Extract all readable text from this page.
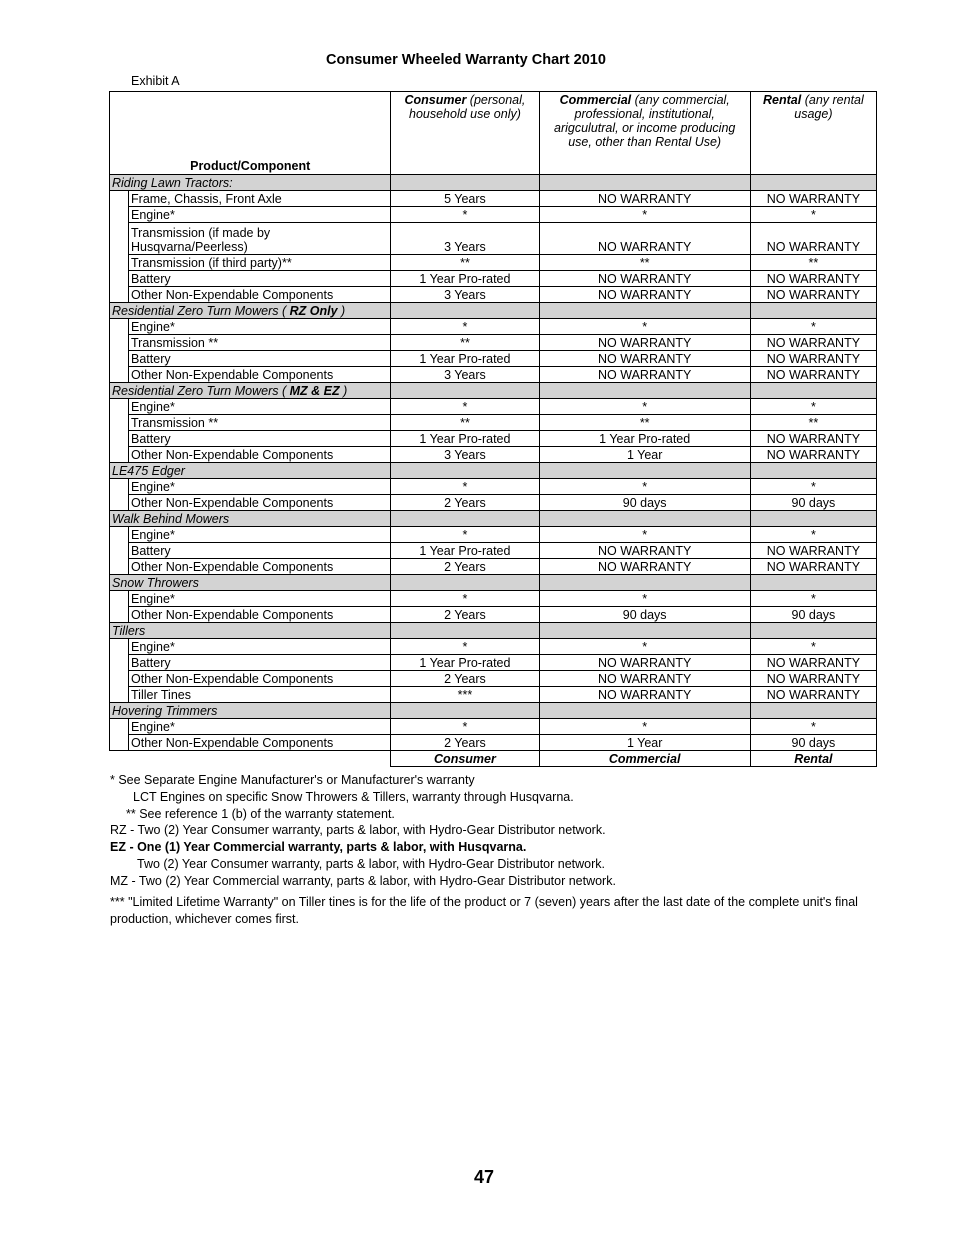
Consumer Wheeled Warranty Chart 2010
Exhibit A
Product/Component		Consumer (personal, household use only)	Commercial (any commercial, professional, institutional, arigculutral, or income producing use, other than Rental Use)	Rental (any rental usage)
Riding Lawn Tractors:				
	Frame, Chassis, Front Axle	5 Years	NO WARRANTY	NO WARRANTY
	Engine*	*	*	*

	Transmission (if made by Husqvarna/Peerless)	3 Years	NO WARRANTY	NO WARRANTY
	Transmission (if third party)**	**	**	**
	Battery	1 Year Pro-rated	NO WARRANTY	NO WARRANTY
	Other Non-Expendable Components	3 Years	NO WARRANTY	NO WARRANTY
Residential Zero Turn Mowers ( RZ Only )				
	Engine*	*	*	*
	Transmission **	**	NO WARRANTY	NO WARRANTY
	Battery	1 Year Pro-rated	NO WARRANTY	NO WARRANTY
	Other Non-Expendable Components	3 Years	NO WARRANTY	NO WARRANTY
Residential Zero Turn Mowers ( MZ & EZ )				
	Engine*	*	*	*
	Transmission **	**	**	**
	Battery	1 Year Pro-rated	1 Year Pro-rated	NO WARRANTY
	Other Non-Expendable Components	3 Years	1 Year	NO WARRANTY
LE475 Edger				
	Engine*	*	*	*
	Other Non-Expendable Components	2 Years	90 days	90 days
Walk Behind Mowers				
	Engine*	*	*	*
	Battery	1 Year Pro-rated	NO WARRANTY	NO WARRANTY
	Other Non-Expendable Components	2 Years	NO WARRANTY	NO WARRANTY
Snow Throwers				
	Engine*	*	*	*
	Other Non-Expendable Components	2 Years	90 days	90 days
Tillers				
	Engine*	*	*	*
	Battery	1 Year Pro-rated	NO WARRANTY	NO WARRANTY
	Other Non-Expendable Components	2 Years	NO WARRANTY	NO WARRANTY
	Tiller Tines	***	NO WARRANTY	NO WARRANTY
Hovering Trimmers				
	Engine*	*	*	*
	Other Non-Expendable Components	2 Years	1 Year	90 days
		Consumer	Commercial	Rental

* See Separate Engine Manufacturer's or Manufacturer's warranty

LCT Engines on specific Snow Throwers & Tillers, warranty through Husqvarna.

** See reference 1 (b) of the warranty statement.

RZ - Two (2) Year Consumer warranty, parts & labor, with Hydro-Gear Distributor network.

EZ - One (1) Year Commercial warranty, parts & labor, with Husqvarna.

Two (2) Year Consumer warranty, parts & labor, with Hydro-Gear Distributor network.

MZ - Two (2) Year Commercial warranty, parts & labor, with Hydro-Gear Distributor network.

*** "Limited Lifetime Warranty" on Tiller tines is for the life of the product or 7 (seven) years after the last date of the complete unit's final production, whichever comes first.

47
